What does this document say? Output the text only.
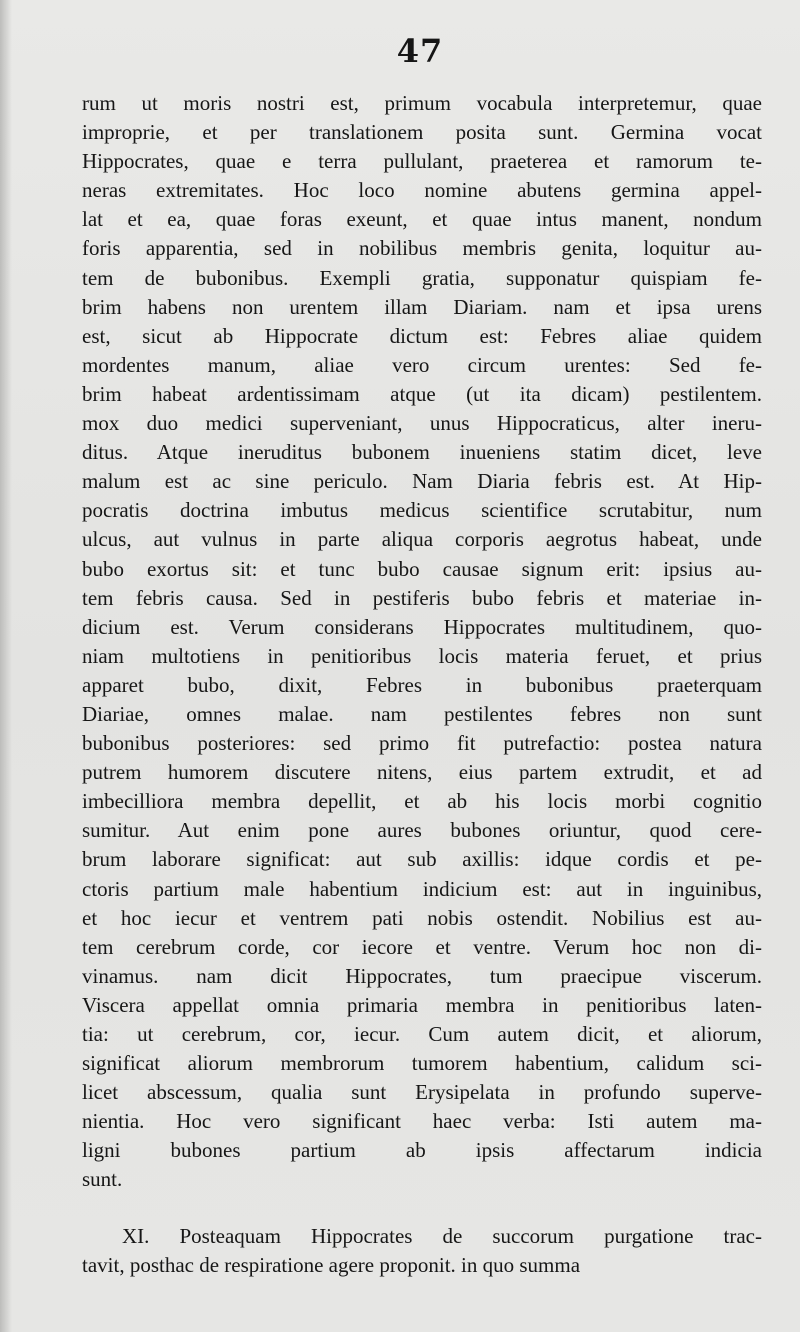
47
rum ut moris nostri est, primum vocabula interpretemur, quae
improprie, et per translationem posita sunt. Germina vocat
Hippocrates, quae e terra pullulant, praeterea et ramorum te-
neras extremitates. Hoc loco nomine abutens germina appel-
lat et ea, quae foras exeunt, et quae intus manent, nondum
foris apparentia, sed in nobilibus membris genita, loquitur au-
tem de bubonibus. Exempli gratia, supponatur quispiam fe-
brim habens non urentem illam Diariam. nam et ipsa urens
est, sicut ab Hippocrate dictum est: Febres aliae quidem
mordentes manum, aliae vero circum urentes: Sed fe-
brim habeat ardentissimam atque (ut ita dicam) pestilentem.
mox duo medici superveniant, unus Hippocraticus, alter ineru-
ditus. Atque ineruditus bubonem inueniens statim dicet, leve
malum est ac sine periculo. Nam Diaria febris est. At Hip-
pocratis doctrina imbutus medicus scientifice scrutabitur, num
ulcus, aut vulnus in parte aliqua corporis aegrotus habeat, unde
bubo exortus sit: et tunc bubo causae signum erit: ipsius au-
tem febris causa. Sed in pestiferis bubo febris et materiae in-
dicium est. Verum considerans Hippocrates multitudinem, quo-
niam multotiens in penitioribus locis materia feruet, et prius
apparet bubo, dixit, Febres in bubonibus praeterquam
Diariae, omnes malae. nam pestilentes febres non sunt
bubonibus posteriores: sed primo fit putrefactio: postea natura
putrem humorem discutere nitens, eius partem extrudit, et ad
imbecilliora membra depellit, et ab his locis morbi cognitio
sumitur. Aut enim pone aures bubones oriuntur, quod cere-
brum laborare significat: aut sub axillis: idque cordis et pe-
ctoris partium male habentium indicium est: aut in inguinibus,
et hoc iecur et ventrem pati nobis ostendit. Nobilius est au-
tem cerebrum corde, cor iecore et ventre. Verum hoc non di-
vinamus. nam dicit Hippocrates, tum praecipue viscerum.
Viscera appellat omnia primaria membra in penitioribus laten-
tia: ut cerebrum, cor, iecur. Cum autem dicit, et aliorum,
significat aliorum membrorum tumorem habentium, calidum sci-
licet abscessum, qualia sunt Erysipelata in profundo superve-
nientia. Hoc vero significant haec verba: Isti autem ma-
ligni bubones partium ab ipsis affectarum indicia
sunt.
XI. Posteaquam Hippocrates de succorum purgatione trac-
tavit, posthac de respiratione agere proponit. in quo summa
